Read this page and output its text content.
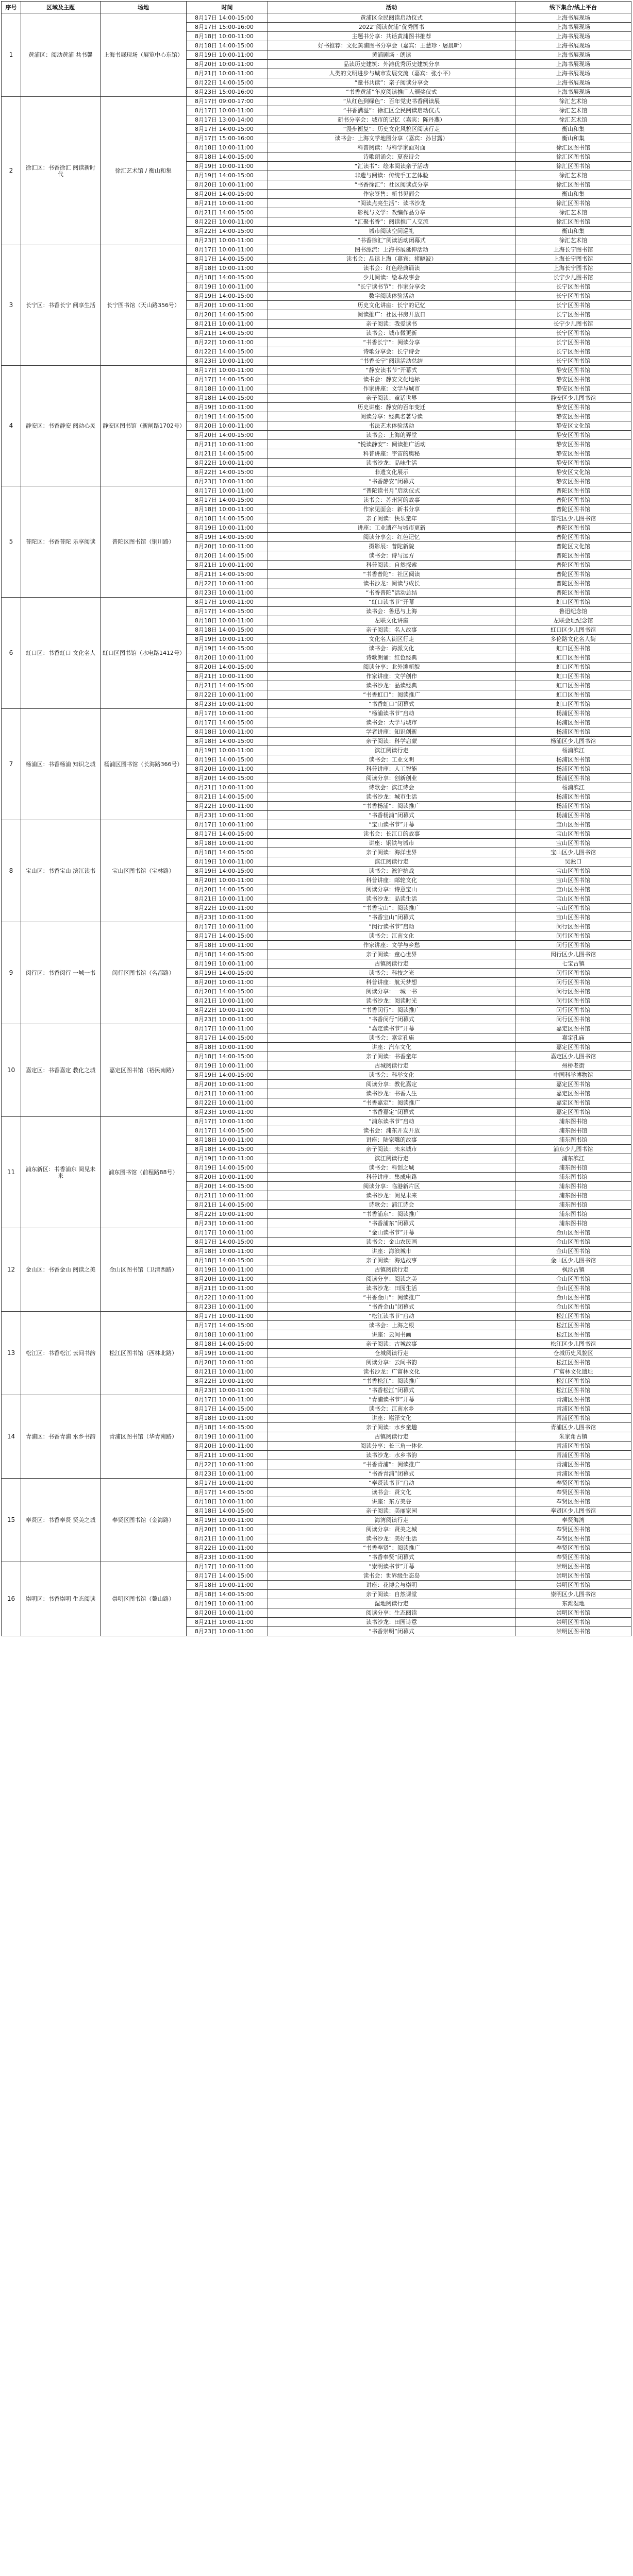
序号	区域及主题	场地	时间	活动	线下集合/线上平台
1	黄浦区：阅动黄浦 共书馨	上海书展现场（展览中心东馆）	8月17日 14:00-15:00	黄浦区全民阅读启动仪式	上海书展现场
			8月17日 15:00-16:00	2022“阅读黄浦”优秀图书	上海书展现场
			8月18日 10:00-11:00	主题书分享：共话黄浦图书推荐	上海书展现场
			8月18日 14:00-15:00	好书推荐：文化黄浦图书分享会（嘉宾：王慧珍 · 屠晨昕）	上海书展现场
			8月19日 10:00-11:00	黄浦剧场 · 朗读	上海书展现场
			8月20日 10:00-11:00	品读历史建筑：外滩优秀历史建筑分享	上海书展现场
			8月21日 10:00-11:00	人类的文明进步与城市发展交流（嘉宾：张小平）	上海书展现场
			8月22日 14:00-15:00	“童书共读”：亲子阅读分享会	上海书展现场
			8月23日 15:00-16:00	“书香黄浦”年度阅读推广人颁奖仪式	上海书展现场
2	徐汇区：书香徐汇 阅读新时代	徐汇艺术馆 / 衡山和集	8月17日 09:00-17:00	“从红色到绿色”：百年党史书香阅读展	徐汇艺术馆
			8月17日 10:00-11:00	“书香满溢”：徐汇区全民阅读启动仪式	徐汇艺术馆
			8月17日 13:00-14:00	新书分享会：城市的记忆（嘉宾：陈丹燕）	徐汇艺术馆
			8月17日 14:00-15:00	“漫步衡复”：历史文化风貌区阅读行走	衡山和集
			8月17日 15:00-16:00	读书会：上海文学地图分享（嘉宾：孙甘露）	衡山和集
			8月18日 10:00-11:00	科普阅读：与科学家面对面	徐汇区图书馆
			8月18日 14:00-15:00	诗歌朗诵会：夏夜诗会	徐汇区图书馆
			8月19日 10:00-11:00	“汇读书”：绘本阅读亲子活动	徐汇区图书馆
			8月19日 14:00-15:00	非遗与阅读：传统手工艺体验	徐汇艺术馆
			8月20日 10:00-11:00	“书香徐汇”：社区阅读点分享	徐汇区图书馆
			8月20日 14:00-15:00	作家签售：新书见面会	衡山和集
			8月21日 10:00-11:00	“阅读点亮生活”：读书沙龙	徐汇区图书馆
			8月21日 14:00-15:00	影视与文学：改编作品分享	徐汇艺术馆
			8月22日 10:00-11:00	“汇聚书香”：阅读推广人交流	徐汇区图书馆
			8月22日 14:00-15:00	城市阅读空间巡礼	衡山和集
			8月23日 10:00-11:00	“书香徐汇”阅读活动闭幕式	徐汇艺术馆
3	长宁区：书香长宁 阅享生活	长宁图书馆（天山路356号）	8月17日 10:00-11:00	图书漂流：上海书展延伸活动	上海长宁图书馆
			8月17日 14:00-15:00	读书会：品读上海（嘉宾：褚晓波）	上海长宁图书馆
			8月18日 10:00-11:00	读书会：红色经典诵读	上海长宁图书馆
			8月18日 14:00-15:00	少儿阅读：绘本故事会	长宁少儿图书馆
			8月19日 10:00-11:00	“长宁读书节”：作家分享会	长宁区图书馆
			8月19日 14:00-15:00	数字阅读体验活动	长宁区图书馆
			8月20日 10:00-11:00	历史文化讲座：长宁的记忆	长宁区图书馆
			8月20日 14:00-15:00	阅读推广：社区书房开放日	长宁区图书馆
			8月21日 10:00-11:00	亲子阅读：我爱读书	长宁少儿图书馆
			8月21日 14:00-15:00	读书会：城市微更新	长宁区图书馆
			8月22日 10:00-11:00	“书香长宁”：阅读分享	长宁区图书馆
			8月22日 14:00-15:00	诗歌分享会：长宁诗会	长宁区图书馆
			8月23日 10:00-11:00	“书香长宁”阅读活动总结	长宁区图书馆
4	静安区：书香静安 阅动心灵	静安区图书馆（新闸路1702号）	8月17日 10:00-11:00	“静安读书节”开幕式	静安区图书馆
			8月17日 14:00-15:00	读书会：静安文化地标	静安区图书馆
			8月18日 10:00-11:00	作家讲座：文学与城市	静安区图书馆
			8月18日 14:00-15:00	亲子阅读：童话世界	静安区少儿图书馆
			8月19日 10:00-11:00	历史讲座：静安的百年变迁	静安区图书馆
			8月19日 14:00-15:00	阅读分享：经典名著导读	静安区图书馆
			8月20日 10:00-11:00	书法艺术体验活动	静安区文化馆
			8月20日 14:00-15:00	读书会：上海的弄堂	静安区图书馆
			8月21日 10:00-11:00	“悦读静安”：阅读推广活动	静安区图书馆
			8月21日 14:00-15:00	科普讲座：宇宙的奥秘	静安区图书馆
			8月22日 10:00-11:00	读书沙龙：品味生活	静安区图书馆
			8月22日 14:00-15:00	非遗文化展示	静安区文化馆
			8月23日 10:00-11:00	“书香静安”闭幕式	静安区图书馆
5	普陀区：书香普陀 乐享阅读	普陀区图书馆（铜川路）	8月17日 10:00-11:00	“普陀读书月”启动仪式	普陀区图书馆
			8月17日 14:00-15:00	读书会：苏州河的故事	普陀区图书馆
			8月18日 10:00-11:00	作家见面会：新书分享	普陀区图书馆
			8月18日 14:00-15:00	亲子阅读：快乐童年	普陀区少儿图书馆
			8月19日 10:00-11:00	讲座：工业遗产与城市更新	普陀区图书馆
			8月19日 14:00-15:00	阅读分享会：红色记忆	普陀区图书馆
			8月20日 10:00-11:00	摄影展：普陀新貌	普陀区文化馆
			8月20日 14:00-15:00	读书会：诗与远方	普陀区图书馆
			8月21日 10:00-11:00	科普阅读：自然探索	普陀区图书馆
			8月21日 14:00-15:00	“书香普陀”：社区阅读	普陀区图书馆
			8月22日 10:00-11:00	读书沙龙：阅读与成长	普陀区图书馆
			8月23日 10:00-11:00	“书香普陀”活动总结	普陀区图书馆
6	虹口区：书香虹口 文化名人	虹口区图书馆（水电路1412号）	8月17日 10:00-11:00	“虹口读书节”开幕	虹口区图书馆
			8月17日 14:00-15:00	读书会：鲁迅与上海	鲁迅纪念馆
			8月18日 10:00-11:00	左联文化讲座	左联会址纪念馆
			8月18日 14:00-15:00	亲子阅读：名人故事	虹口区少儿图书馆
			8月19日 10:00-11:00	文化名人街区行走	多伦路文化名人街
			8月19日 14:00-15:00	读书会：海派文化	虹口区图书馆
			8月20日 10:00-11:00	诗歌朗诵：红色经典	虹口区图书馆
			8月20日 14:00-15:00	阅读分享：北外滩新貌	虹口区图书馆
			8月21日 10:00-11:00	作家讲座：文学创作	虹口区图书馆
			8月21日 14:00-15:00	读书沙龙：品读经典	虹口区图书馆
			8月22日 10:00-11:00	“书香虹口”：阅读推广	虹口区图书馆
			8月23日 10:00-11:00	“书香虹口”闭幕式	虹口区图书馆
7	杨浦区：书香杨浦 知识之城	杨浦区图书馆（长海路366号）	8月17日 10:00-11:00	“杨浦读书节”启动	杨浦区图书馆
			8月17日 14:00-15:00	读书会：大学与城市	杨浦区图书馆
			8月18日 10:00-11:00	学者讲座：知识创新	杨浦区图书馆
			8月18日 14:00-15:00	亲子阅读：科学启蒙	杨浦区少儿图书馆
			8月19日 10:00-11:00	滨江阅读行走	杨浦滨江
			8月19日 14:00-15:00	读书会：工业文明	杨浦区图书馆
			8月20日 10:00-11:00	科普讲座：人工智能	杨浦区图书馆
			8月20日 14:00-15:00	阅读分享：创新创业	杨浦区图书馆
			8月21日 10:00-11:00	诗歌会：滨江诗会	杨浦滨江
			8月21日 14:00-15:00	读书沙龙：城市生活	杨浦区图书馆
			8月22日 10:00-11:00	“书香杨浦”：阅读推广	杨浦区图书馆
			8月23日 10:00-11:00	“书香杨浦”闭幕式	杨浦区图书馆
8	宝山区：书香宝山 滨江读书	宝山区图书馆（宝林路）	8月17日 10:00-11:00	“宝山读书节”开幕	宝山区图书馆
			8月17日 14:00-15:00	读书会：长江口的故事	宝山区图书馆
			8月18日 10:00-11:00	讲座：钢铁与城市	宝山区图书馆
			8月18日 14:00-15:00	亲子阅读：海洋世界	宝山区少儿图书馆
			8月19日 10:00-11:00	滨江阅读行走	吴淞口
			8月19日 14:00-15:00	读书会：淞沪抗战	宝山区图书馆
			8月20日 10:00-11:00	科普讲座：邮轮文化	宝山区图书馆
			8月20日 14:00-15:00	阅读分享：诗意宝山	宝山区图书馆
			8月21日 10:00-11:00	读书沙龙：品读生活	宝山区图书馆
			8月22日 10:00-11:00	“书香宝山”：阅读推广	宝山区图书馆
			8月23日 10:00-11:00	“书香宝山”闭幕式	宝山区图书馆
9	闵行区：书香闵行 一城一书	闵行区图书馆（名都路）	8月17日 10:00-11:00	“闵行读书节”启动	闵行区图书馆
			8月17日 14:00-15:00	读书会：江南文化	闵行区图书馆
			8月18日 10:00-11:00	作家讲座：文学与乡愁	闵行区图书馆
			8月18日 14:00-15:00	亲子阅读：童心世界	闵行区少儿图书馆
			8月19日 10:00-11:00	古镇阅读行走	七宝古镇
			8月19日 14:00-15:00	读书会：科技之光	闵行区图书馆
			8月20日 10:00-11:00	科普讲座：航天梦想	闵行区图书馆
			8月20日 14:00-15:00	阅读分享：一城一书	闵行区图书馆
			8月21日 10:00-11:00	读书沙龙：阅读时光	闵行区图书馆
			8月22日 10:00-11:00	“书香闵行”：阅读推广	闵行区图书馆
			8月23日 10:00-11:00	“书香闵行”闭幕式	闵行区图书馆
10	嘉定区：书香嘉定 教化之城	嘉定区图书馆（裕民南路）	8月17日 10:00-11:00	“嘉定读书节”开幕	嘉定区图书馆
			8月17日 14:00-15:00	读书会：嘉定孔庙	嘉定孔庙
			8月18日 10:00-11:00	讲座：汽车文化	嘉定区图书馆
			8月18日 14:00-15:00	亲子阅读：书香童年	嘉定区少儿图书馆
			8月19日 10:00-11:00	古城阅读行走	州桥老街
			8月19日 14:00-15:00	读书会：科举文化	中国科举博物馆
			8月20日 10:00-11:00	阅读分享：教化嘉定	嘉定区图书馆
			8月21日 10:00-11:00	读书沙龙：书香人生	嘉定区图书馆
			8月22日 10:00-11:00	“书香嘉定”：阅读推广	嘉定区图书馆
			8月23日 10:00-11:00	“书香嘉定”闭幕式	嘉定区图书馆
11	浦东新区：书香浦东 阅见未来	浦东图书馆（前程路88号）	8月17日 10:00-11:00	“浦东读书节”启动	浦东图书馆
			8月17日 14:00-15:00	读书会：浦东开发开放	浦东图书馆
			8月18日 10:00-11:00	讲座：陆家嘴的故事	浦东图书馆
			8月18日 14:00-15:00	亲子阅读：未来城市	浦东少儿图书馆
			8月19日 10:00-11:00	滨江阅读行走	浦东滨江
			8月19日 14:00-15:00	读书会：科创之城	浦东图书馆
			8月20日 10:00-11:00	科普讲座：集成电路	浦东图书馆
			8月20日 14:00-15:00	阅读分享：临港新片区	浦东图书馆
			8月21日 10:00-11:00	读书沙龙：阅见未来	浦东图书馆
			8月21日 14:00-15:00	诗歌会：浦江诗会	浦东图书馆
			8月22日 10:00-11:00	“书香浦东”：阅读推广	浦东图书馆
			8月23日 10:00-11:00	“书香浦东”闭幕式	浦东图书馆
12	金山区：书香金山 阅读之美	金山区图书馆（卫清西路）	8月17日 10:00-11:00	“金山读书节”开幕	金山区图书馆
			8月17日 14:00-15:00	读书会：金山农民画	金山区图书馆
			8月18日 10:00-11:00	讲座：海滨城市	金山区图书馆
			8月18日 14:00-15:00	亲子阅读：海边故事	金山区少儿图书馆
			8月19日 10:00-11:00	古镇阅读行走	枫泾古镇
			8月20日 10:00-11:00	阅读分享：阅读之美	金山区图书馆
			8月21日 10:00-11:00	读书沙龙：田园生活	金山区图书馆
			8月22日 10:00-11:00	“书香金山”：阅读推广	金山区图书馆
			8月23日 10:00-11:00	“书香金山”闭幕式	金山区图书馆
13	松江区：书香松江 云间书韵	松江区图书馆（西林北路）	8月17日 10:00-11:00	“松江读书节”启动	松江区图书馆
			8月17日 14:00-15:00	读书会：上海之根	松江区图书馆
			8月18日 10:00-11:00	讲座：云间书画	松江区图书馆
			8月18日 14:00-15:00	亲子阅读：古城故事	松江区少儿图书馆
			8月19日 10:00-11:00	仓城阅读行走	仓城历史风貌区
			8月20日 10:00-11:00	阅读分享：云间书韵	松江区图书馆
			8月21日 10:00-11:00	读书沙龙：广富林文化	广富林文化遗址
			8月22日 10:00-11:00	“书香松江”：阅读推广	松江区图书馆
			8月23日 10:00-11:00	“书香松江”闭幕式	松江区图书馆
14	青浦区：书香青浦 水乡书韵	青浦区图书馆（华青南路）	8月17日 10:00-11:00	“青浦读书节”开幕	青浦区图书馆
			8月17日 14:00-15:00	读书会：江南水乡	青浦区图书馆
			8月18日 10:00-11:00	讲座：崧泽文化	青浦区图书馆
			8月18日 14:00-15:00	亲子阅读：水乡童趣	青浦区少儿图书馆
			8月19日 10:00-11:00	古镇阅读行走	朱家角古镇
			8月20日 10:00-11:00	阅读分享：长三角一体化	青浦区图书馆
			8月21日 10:00-11:00	读书沙龙：水乡书韵	青浦区图书馆
			8月22日 10:00-11:00	“书香青浦”：阅读推广	青浦区图书馆
			8月23日 10:00-11:00	“书香青浦”闭幕式	青浦区图书馆
15	奉贤区：书香奉贤 贤美之城	奉贤区图书馆（金海路）	8月17日 10:00-11:00	“奉贤读书节”启动	奉贤区图书馆
			8月17日 14:00-15:00	读书会：贤文化	奉贤区图书馆
			8月18日 10:00-11:00	讲座：东方美谷	奉贤区图书馆
			8月18日 14:00-15:00	亲子阅读：美丽家园	奉贤区少儿图书馆
			8月19日 10:00-11:00	海湾阅读行走	奉贤海湾
			8月20日 10:00-11:00	阅读分享：贤美之城	奉贤区图书馆
			8月21日 10:00-11:00	读书沙龙：美好生活	奉贤区图书馆
			8月22日 10:00-11:00	“书香奉贤”：阅读推广	奉贤区图书馆
			8月23日 10:00-11:00	“书香奉贤”闭幕式	奉贤区图书馆
16	崇明区：书香崇明 生态阅读	崇明区图书馆（鳌山路）	8月17日 10:00-11:00	“崇明读书节”开幕	崇明区图书馆
			8月17日 14:00-15:00	读书会：世界级生态岛	崇明区图书馆
			8月18日 10:00-11:00	讲座：花博会与崇明	崇明区图书馆
			8月18日 14:00-15:00	亲子阅读：自然课堂	崇明区少儿图书馆
			8月19日 10:00-11:00	湿地阅读行走	东滩湿地
			8月20日 10:00-11:00	阅读分享：生态阅读	崇明区图书馆
			8月21日 10:00-11:00	读书沙龙：田园诗意	崇明区图书馆
			8月23日 10:00-11:00	“书香崇明”闭幕式	崇明区图书馆
